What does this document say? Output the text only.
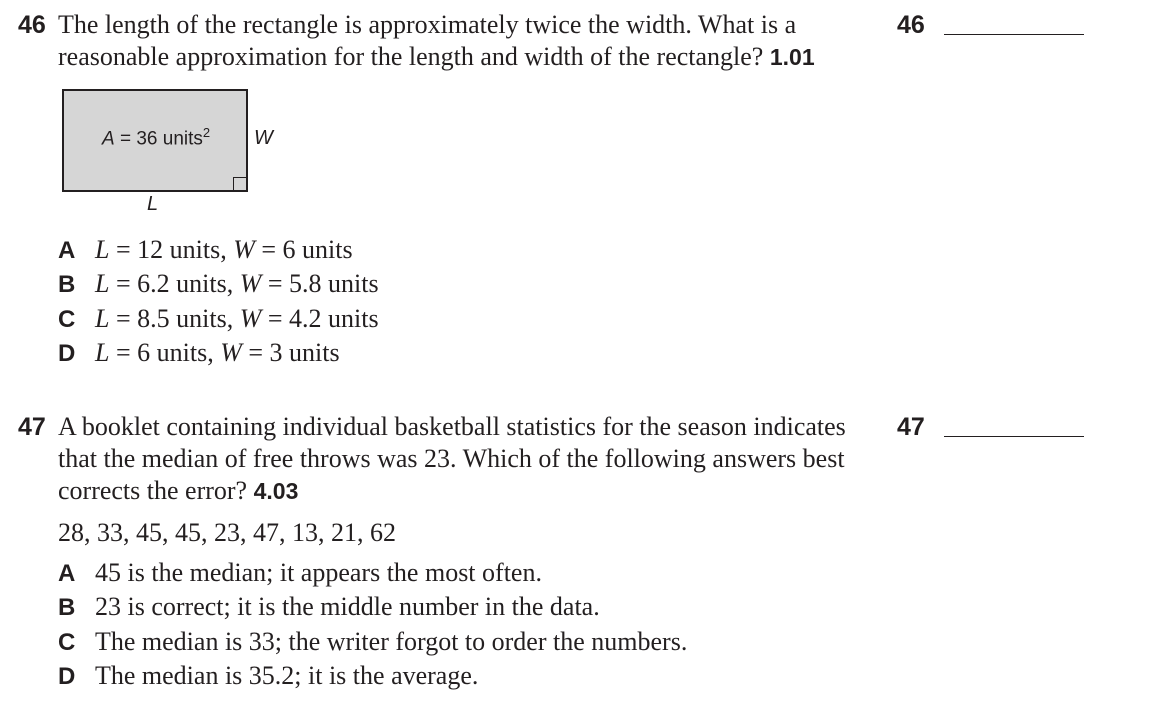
46 The length of the rectangle is approximately twice the width. What is a reasonable approximation for the length and width of the rectangle? 1.01
46
A = 36 units$^2$ W
L
A L = 12 units, W = 6 units
B L = 6.2 units, W = 5.8 units
C L = 8.5 units, W = 4.2 units
D L = 6 units, W = 3 units
47 A booklet containing individual basketball statistics for the season indicates that the median of free throws was 23. Which of the following answers best corrects the error? 4.03
47
28, 33, 45, 45, 23, 47, 13, 21, 62
A 45 is the median; it appears the most often.
B 23 is correct; it is the middle number in the data.
C The median is 33; the writer forgot to order the numbers.
D The median is 35.2; it is the average.
